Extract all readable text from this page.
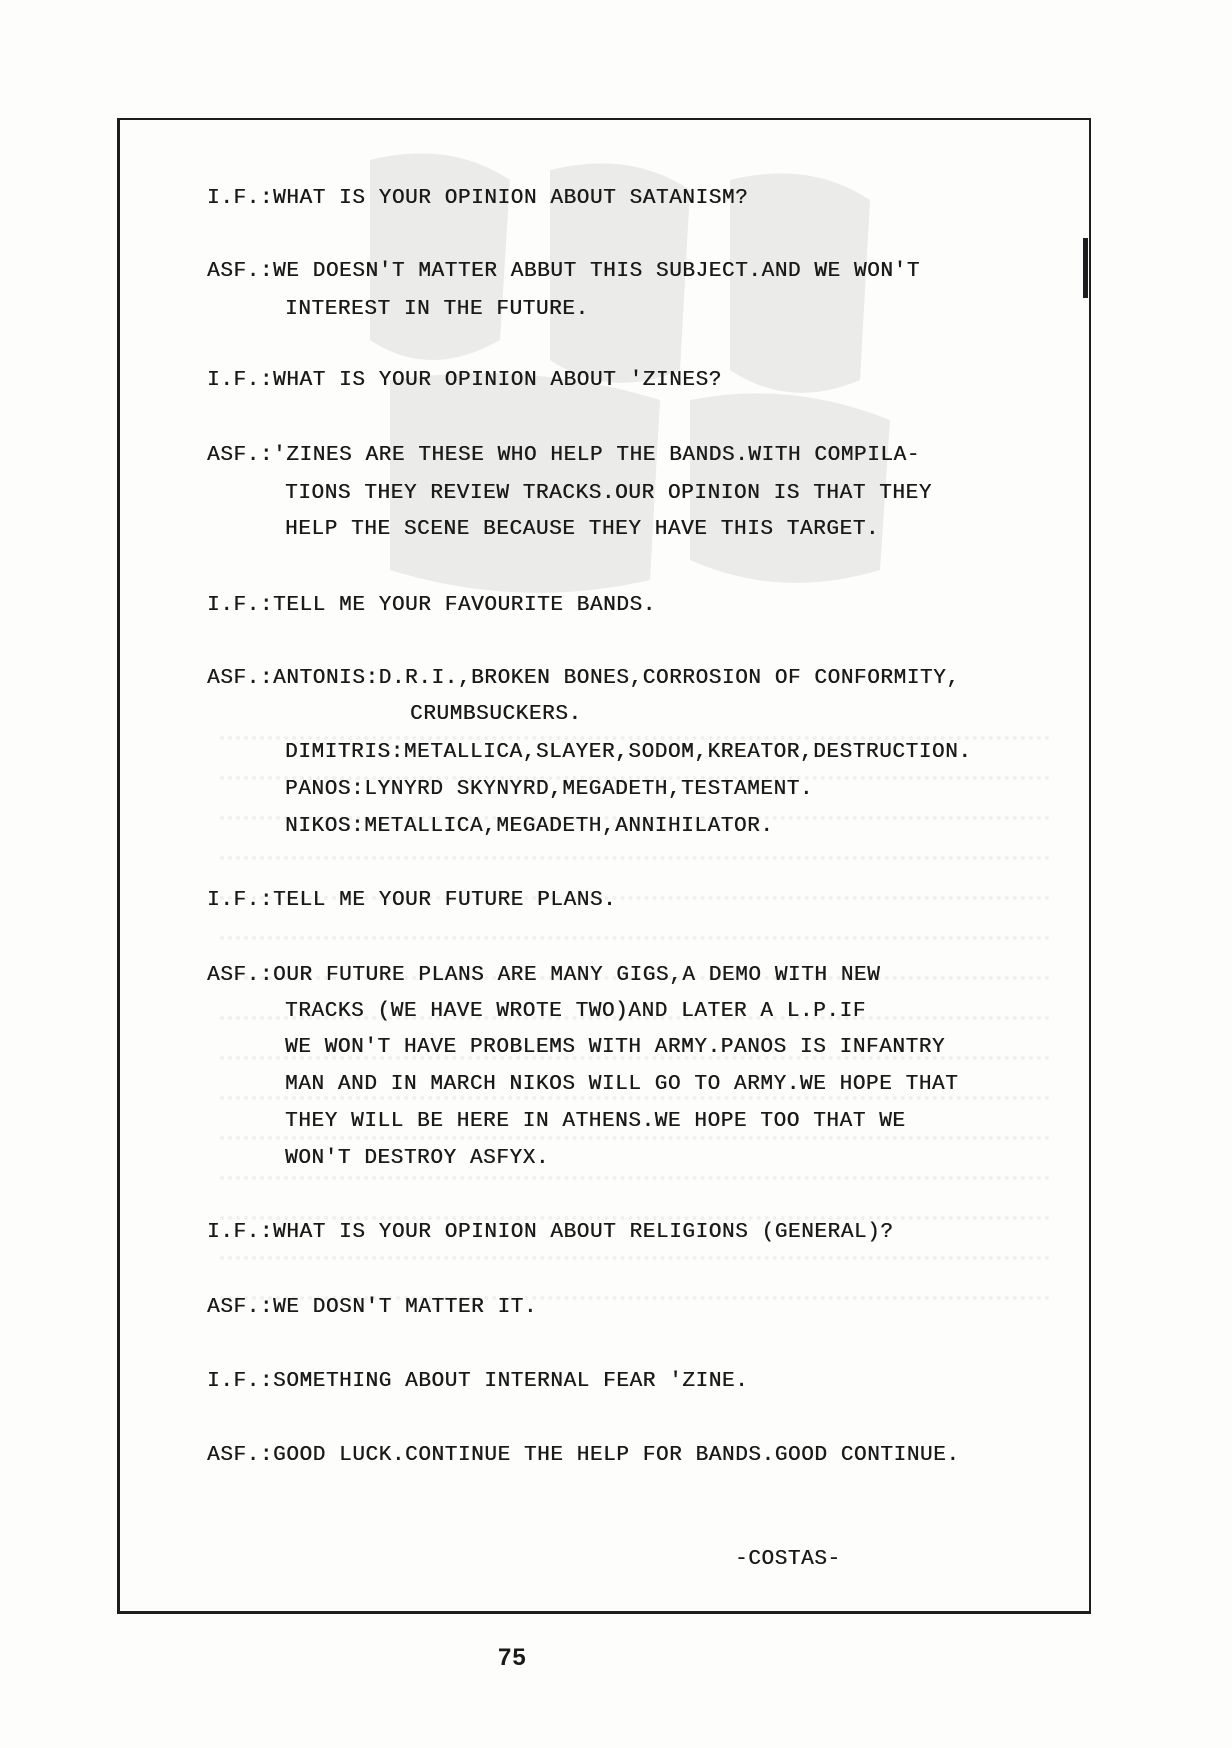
I.F.:WHAT IS YOUR OPINION ABOUT SATANISM?
ASF.:WE DOESN'T MATTER ABBUT THIS SUBJECT.AND WE WON'T
INTEREST IN THE FUTURE.
I.F.:WHAT IS YOUR OPINION ABOUT 'ZINES?
ASF.:'ZINES ARE THESE WHO HELP THE BANDS.WITH COMPILA-
TIONS THEY REVIEW TRACKS.OUR OPINION IS THAT THEY
HELP THE SCENE BECAUSE THEY HAVE THIS TARGET.
I.F.:TELL ME YOUR FAVOURITE BANDS.
ASF.:ANTONIS:D.R.I.,BROKEN BONES,CORROSION OF CONFORMITY,
CRUMBSUCKERS.
DIMITRIS:METALLICA,SLAYER,SODOM,KREATOR,DESTRUCTION.
PANOS:LYNYRD SKYNYRD,MEGADETH,TESTAMENT.
NIKOS:METALLICA,MEGADETH,ANNIHILATOR.
I.F.:TELL ME YOUR FUTURE PLANS.
ASF.:OUR FUTURE PLANS ARE MANY GIGS,A DEMO WITH NEW
TRACKS (WE HAVE WROTE TWO)AND LATER A L.P.IF
WE WON'T HAVE PROBLEMS WITH ARMY.PANOS IS INFANTRY
MAN AND IN MARCH NIKOS WILL GO TO ARMY.WE HOPE THAT
THEY WILL BE HERE IN ATHENS.WE HOPE TOO THAT WE
WON'T DESTROY ASFYX.
I.F.:WHAT IS YOUR OPINION ABOUT RELIGIONS (GENERAL)?
ASF.:WE DOSN'T MATTER IT.
I.F.:SOMETHING ABOUT INTERNAL FEAR 'ZINE.
ASF.:GOOD LUCK.CONTINUE THE HELP FOR BANDS.GOOD CONTINUE.
-COSTAS-
75
